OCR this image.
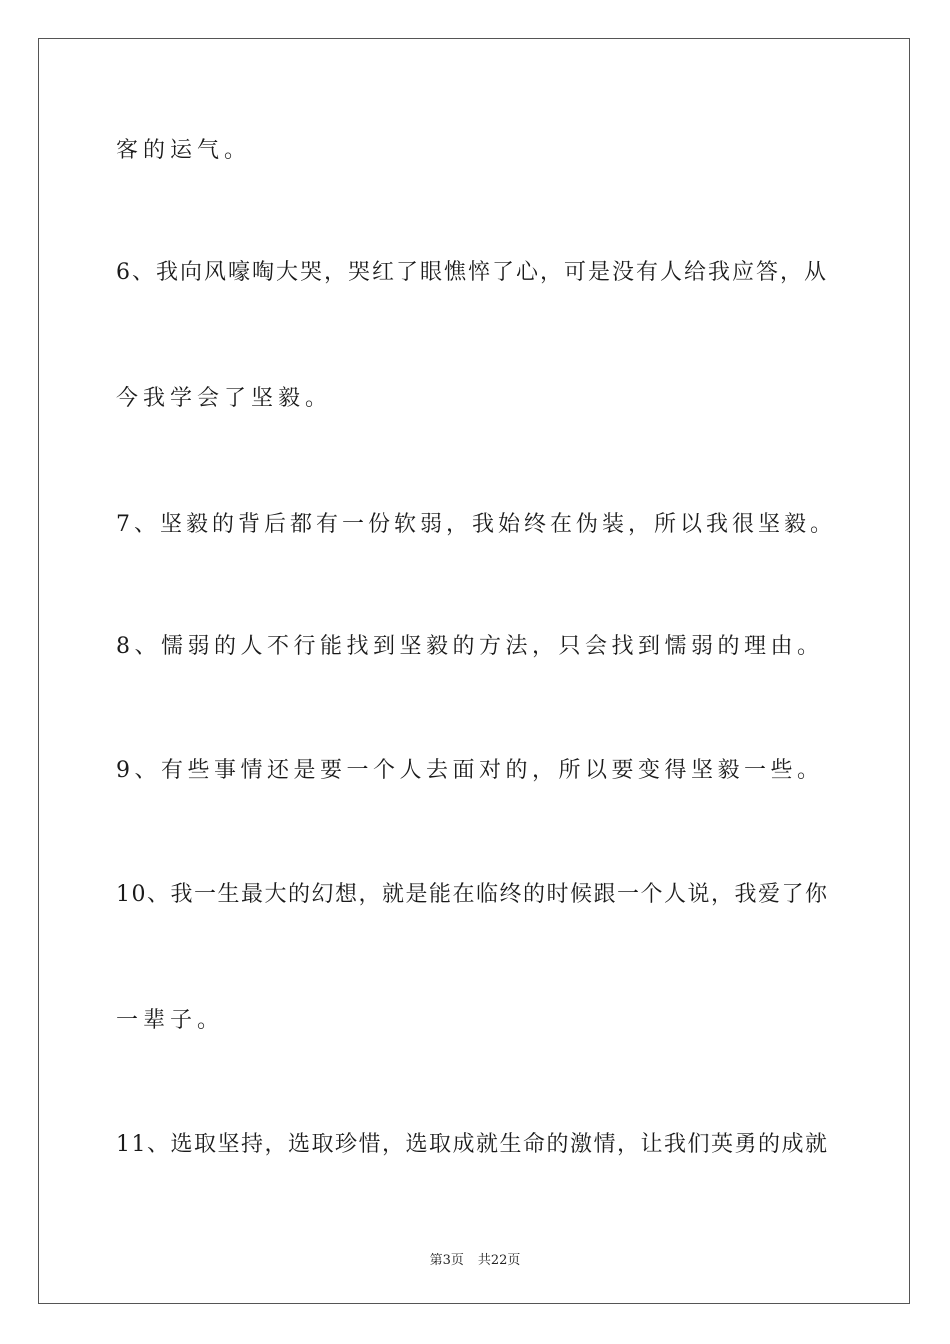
客的运气。
6、我向风嚎啕大哭，哭红了眼憔悴了心，可是没有人给我应答，从
今我学会了坚毅。
7、坚毅的背后都有一份软弱，我始终在伪装，所以我很坚毅。
8、懦弱的人不行能找到坚毅的方法，只会找到懦弱的理由。
9、有些事情还是要一个人去面对的，所以要变得坚毅一些。
10、我一生最大的幻想，就是能在临终的时候跟一个人说，我爱了你
一辈子。
11、选取坚持，选取珍惜，选取成就生命的激情，让我们英勇的成就
第3页 共22页
